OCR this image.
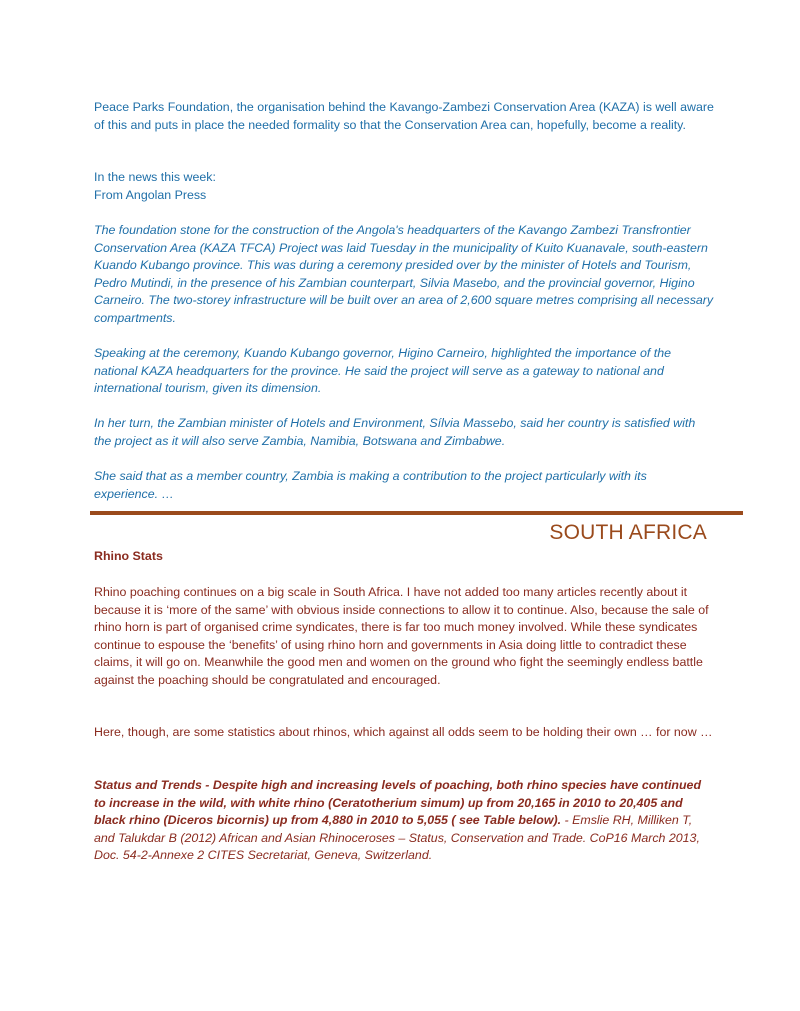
Peace Parks Foundation, the organisation behind the Kavango-Zambezi Conservation Area (KAZA) is well aware of this and puts in place the needed formality so that the Conservation Area can, hopefully, become a reality.

In the news this week:

From Angolan Press

The foundation stone for the construction of the Angola's headquarters of the Kavango Zambezi Transfrontier Conservation Area (KAZA TFCA) Project was laid Tuesday in the municipality of Kuito Kuanavale, south-eastern Kuando Kubango province. This was during a ceremony presided over by the minister of Hotels and Tourism, Pedro Mutindi, in the presence of his Zambian counterpart, Silvia Masebo, and the provincial governor, Higino Carneiro. The two-storey infrastructure will be built over an area of 2,600 square metres comprising all necessary compartments.

Speaking at the ceremony, Kuando Kubango governor, Higino Carneiro, highlighted the importance of the national KAZA headquarters for the province. He said the project will serve as a gateway to national and international tourism, given its dimension.

In her turn, the Zambian minister of Hotels and Environment, Sílvia Massebo, said her country is satisfied with the project as it will also serve Zambia, Namibia, Botswana and Zimbabwe.

She said that as a member country, Zambia is making a contribution to the project particularly with its experience. …

SOUTH AFRICA
Rhino Stats

Rhino poaching continues on a big scale in South Africa. I have not added too many articles recently about it because it is ‘more of the same’ with obvious inside connections to allow it to continue. Also, because the sale of rhino horn is part of organised crime syndicates, there is far too much money involved. While these syndicates continue to espouse the ‘benefits’ of using rhino horn and governments in Asia doing little to contradict these claims, it will go on. Meanwhile the good men and women on the ground who fight the seemingly endless battle against the poaching should be congratulated and encouraged.

Here, though, are some statistics about rhinos, which against all odds seem to be holding their own … for now …

Status and Trends - Despite high and increasing levels of poaching, both rhino species have continued to increase in the wild, with white rhino (Ceratotherium simum) up from 20,165 in 2010 to 20,405 and black rhino (Diceros bicornis) up from 4,880 in 2010 to 5,055 ( see Table below). - Emslie RH, Milliken T, and Talukdar B (2012) African and Asian Rhinoceroses – Status, Conservation and Trade. CoP16 March 2013, Doc. 54-2-Annexe 2 CITES Secretariat, Geneva, Switzerland.
